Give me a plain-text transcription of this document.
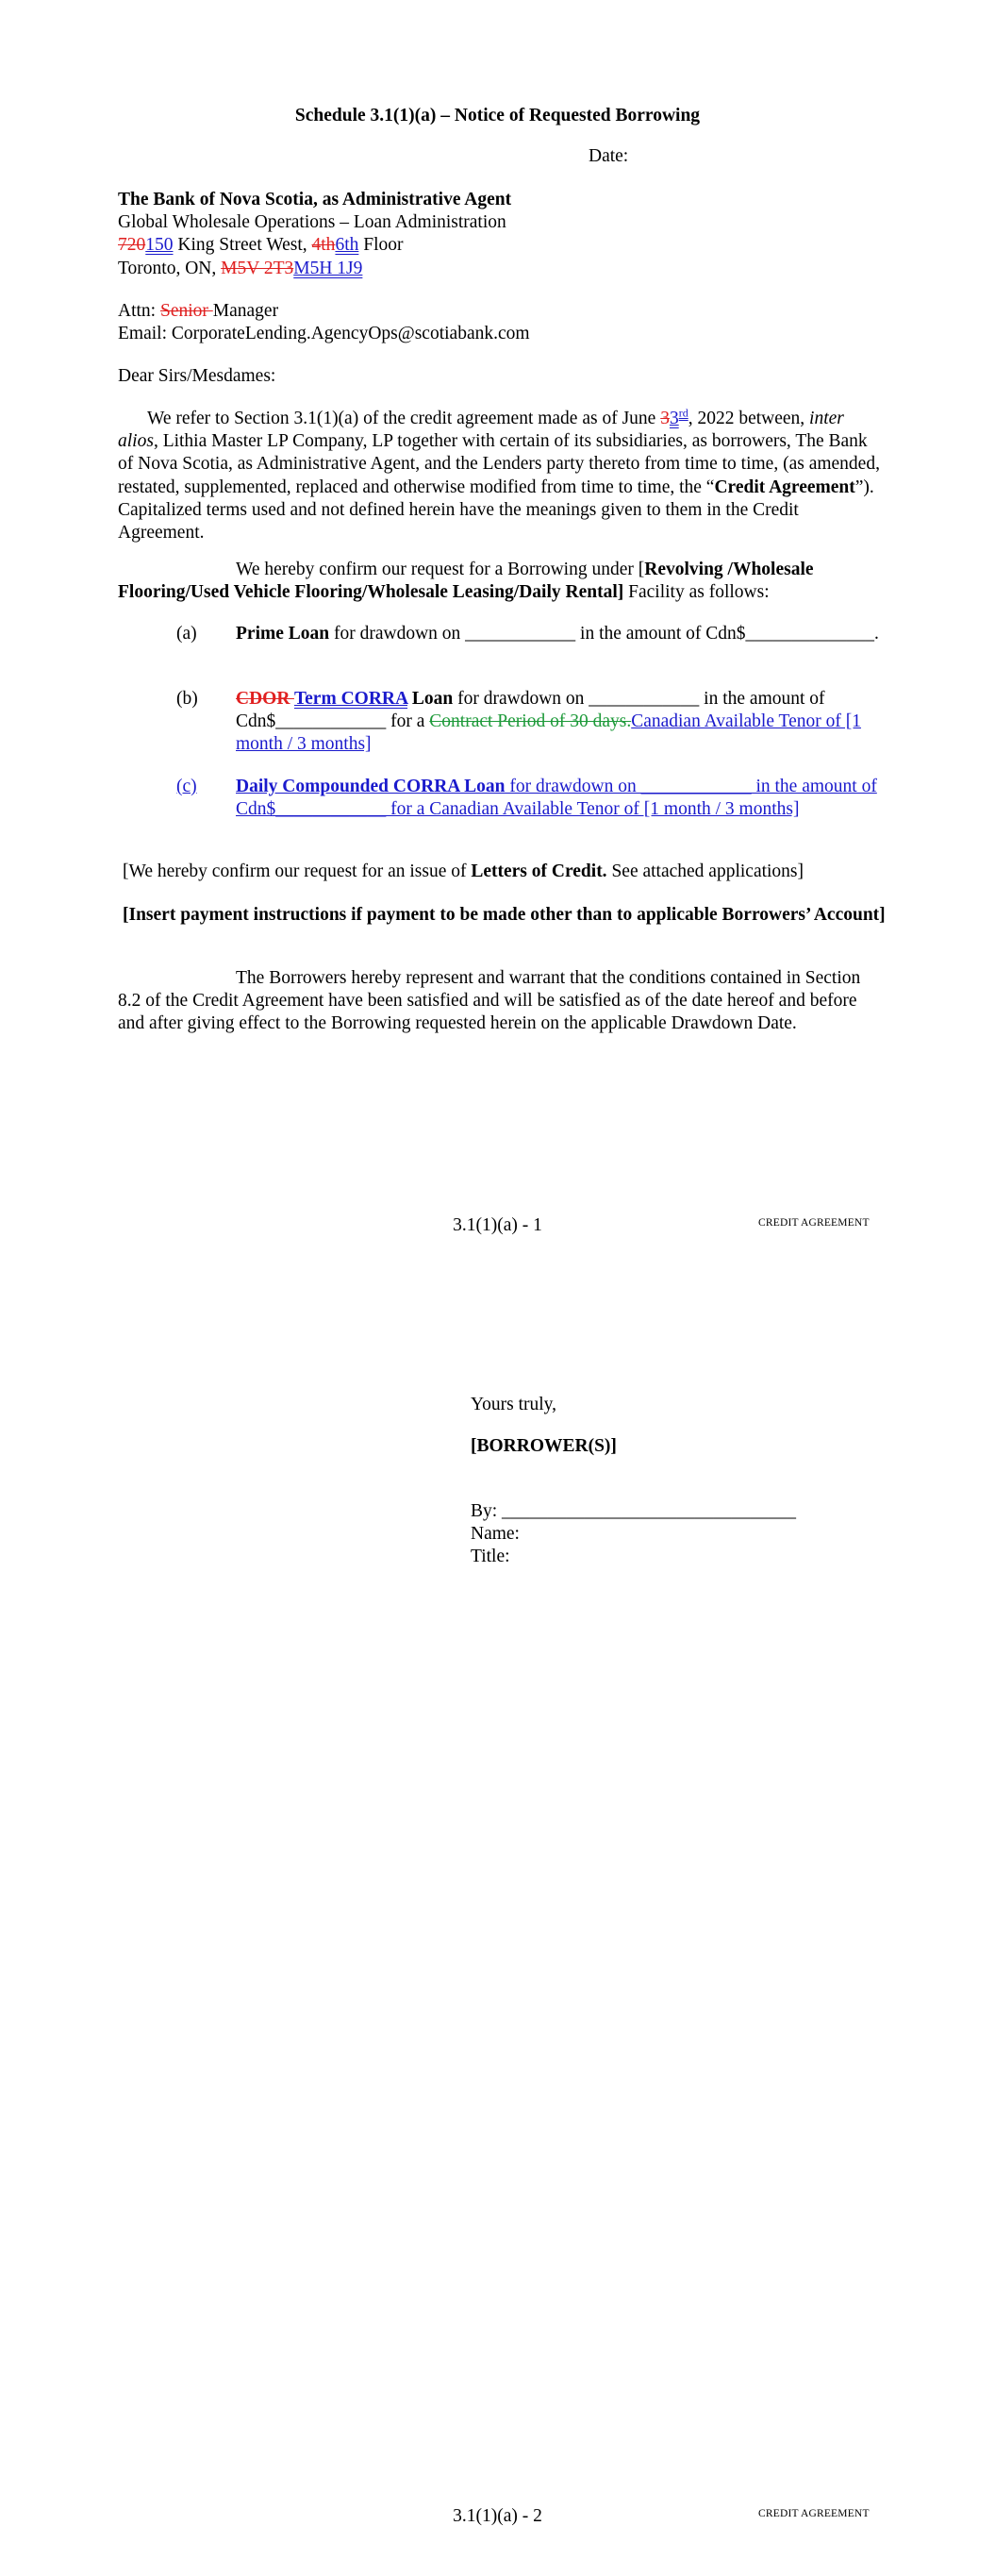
Schedule 3.1(1)(a) – Notice of Requested Borrowing
Date:
The Bank of Nova Scotia, as Administrative Agent
Global Wholesale Operations – Loan Administration
720150 King Street West, 4th6th Floor
Toronto, ON, M5V 2T3M5H 1J9
Attn: Senior Manager
Email: CorporateLending.AgencyOps@scotiabank.com
Dear Sirs/Mesdames:
We refer to Section 3.1(1)(a) of the credit agreement made as of June 33rd, 2022 between, inter alios, Lithia Master LP Company, LP together with certain of its subsidiaries, as borrowers, The Bank of Nova Scotia, as Administrative Agent, and the Lenders party thereto from time to time, (as amended, restated, supplemented, replaced and otherwise modified from time to time, the “Credit Agreement”). Capitalized terms used and not defined herein have the meanings given to them in the Credit Agreement.
We hereby confirm our request for a Borrowing under [Revolving /Wholesale Flooring/Used Vehicle Flooring/Wholesale Leasing/Daily Rental] Facility as follows:
(a) Prime Loan for drawdown on ____________ in the amount of Cdn$______________.
(b) CDOR Term CORRA Loan for drawdown on ____________ in the amount of Cdn$____________ for a Contract Period of 30 days.Canadian Available Tenor of [1 month / 3 months]
(c) Daily Compounded CORRA Loan for drawdown on ____________ in the amount of Cdn$____________ for a Canadian Available Tenor of [1 month / 3 months]
[We hereby confirm our request for an issue of Letters of Credit. See attached applications]
[Insert payment instructions if payment to be made other than to applicable Borrowers’ Account]
The Borrowers hereby represent and warrant that the conditions contained in Section 8.2 of the Credit Agreement have been satisfied and will be satisfied as of the date hereof and before and after giving effect to the Borrowing requested herein on the applicable Drawdown Date.
3.1(1)(a) - 1	CREDIT AGREEMENT
Yours truly,
[BORROWER(S)]
By: ________________________________
Name:
Title:
3.1(1)(a) - 2	CREDIT AGREEMENT
